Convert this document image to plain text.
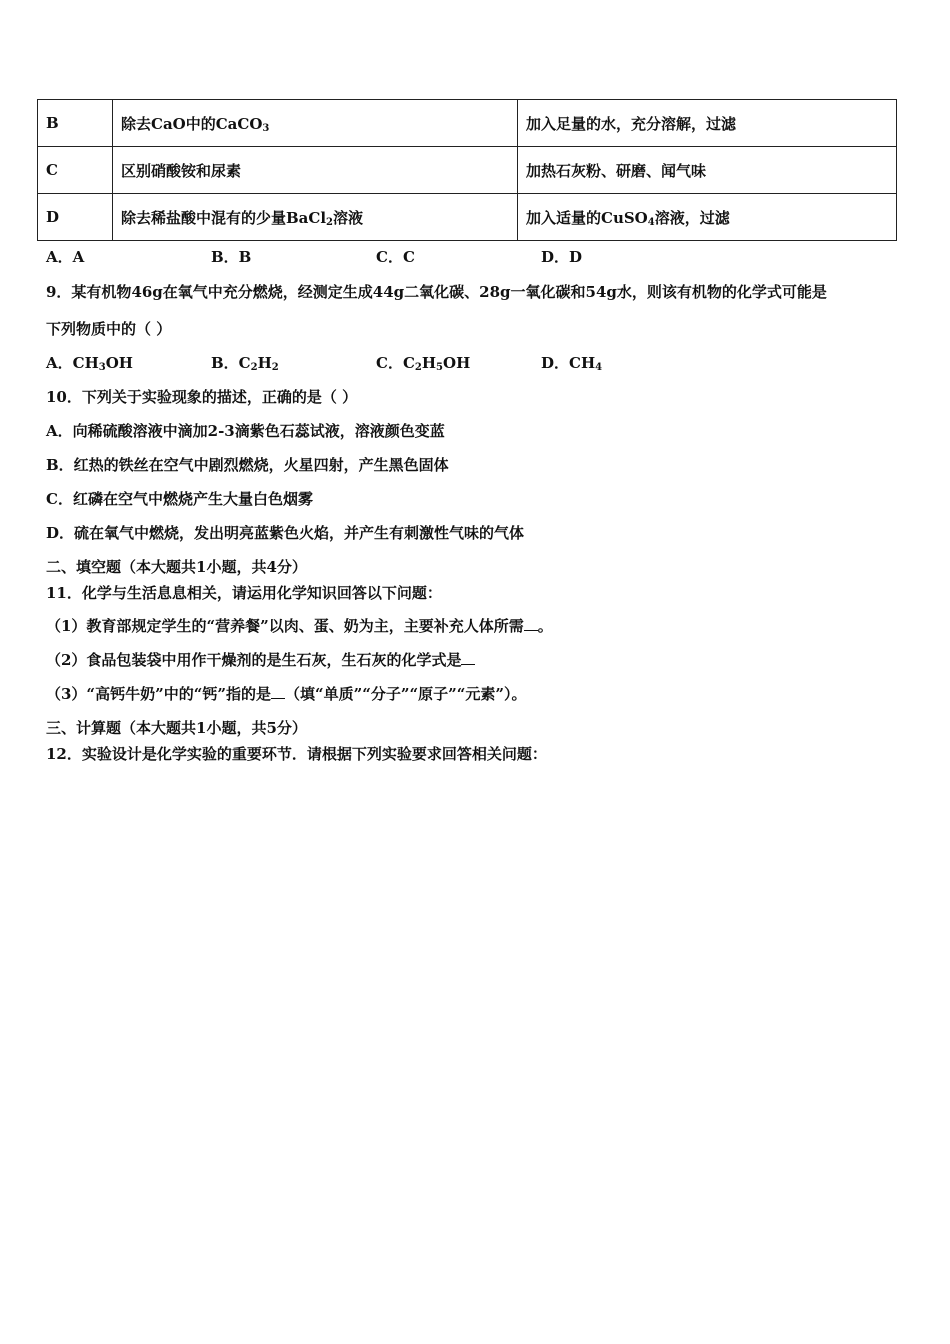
B	除去CaO中的CaCO$_3$	加入足量的水，充分溶解，过滤
C	区别硝酸铵和尿素	加热石灰粉、研磨、闻气味
D	除去稀盐酸中混有的少量BaCl$_2$溶液	加入适量的CuSO$_4$溶液，过滤
A．A	B．B	C．C	D．D
9．某有机物46g在氧气中充分燃烧，经测定生成44g二氧化碳、28g一氧化碳和54g水，则该有机物的化学式可能是
下列物质中的（ ）
A．$CH_3OH$	B．$C_2H_2$	C．$C_2H_5OH$	D．$CH_4$
10．下列关于实验现象的描述，正确的是（ ）
A．向稀硫酸溶液中滴加2-3滴紫色石蕊试液，溶液颜色变蓝
B．红热的铁丝在空气中剧烈燃烧，火星四射，产生黑色固体
C．红磷在空气中燃烧产生大量白色烟雾
D．硫在氧气中燃烧，发出明亮蓝紫色火焰，并产生有刺激性气味的气体
二、填空题（本大题共1小题，共4分）
11．化学与生活息息相关，请运用化学知识回答以下问题：
（1）教育部规定学生的“营养餐”以肉、蛋、奶为主，主要补充人体所需 。
（2）食品包装袋中用作干燥剂的是生石灰，生石灰的化学式是
（3）“高钙牛奶”中的“钙”指的是 （填“单质”“分子”“原子”“元素”）。
三、计算题（本大题共1小题，共5分）
12．实验设计是化学实验的重要环节．请根据下列实验要求回答相关问题：
